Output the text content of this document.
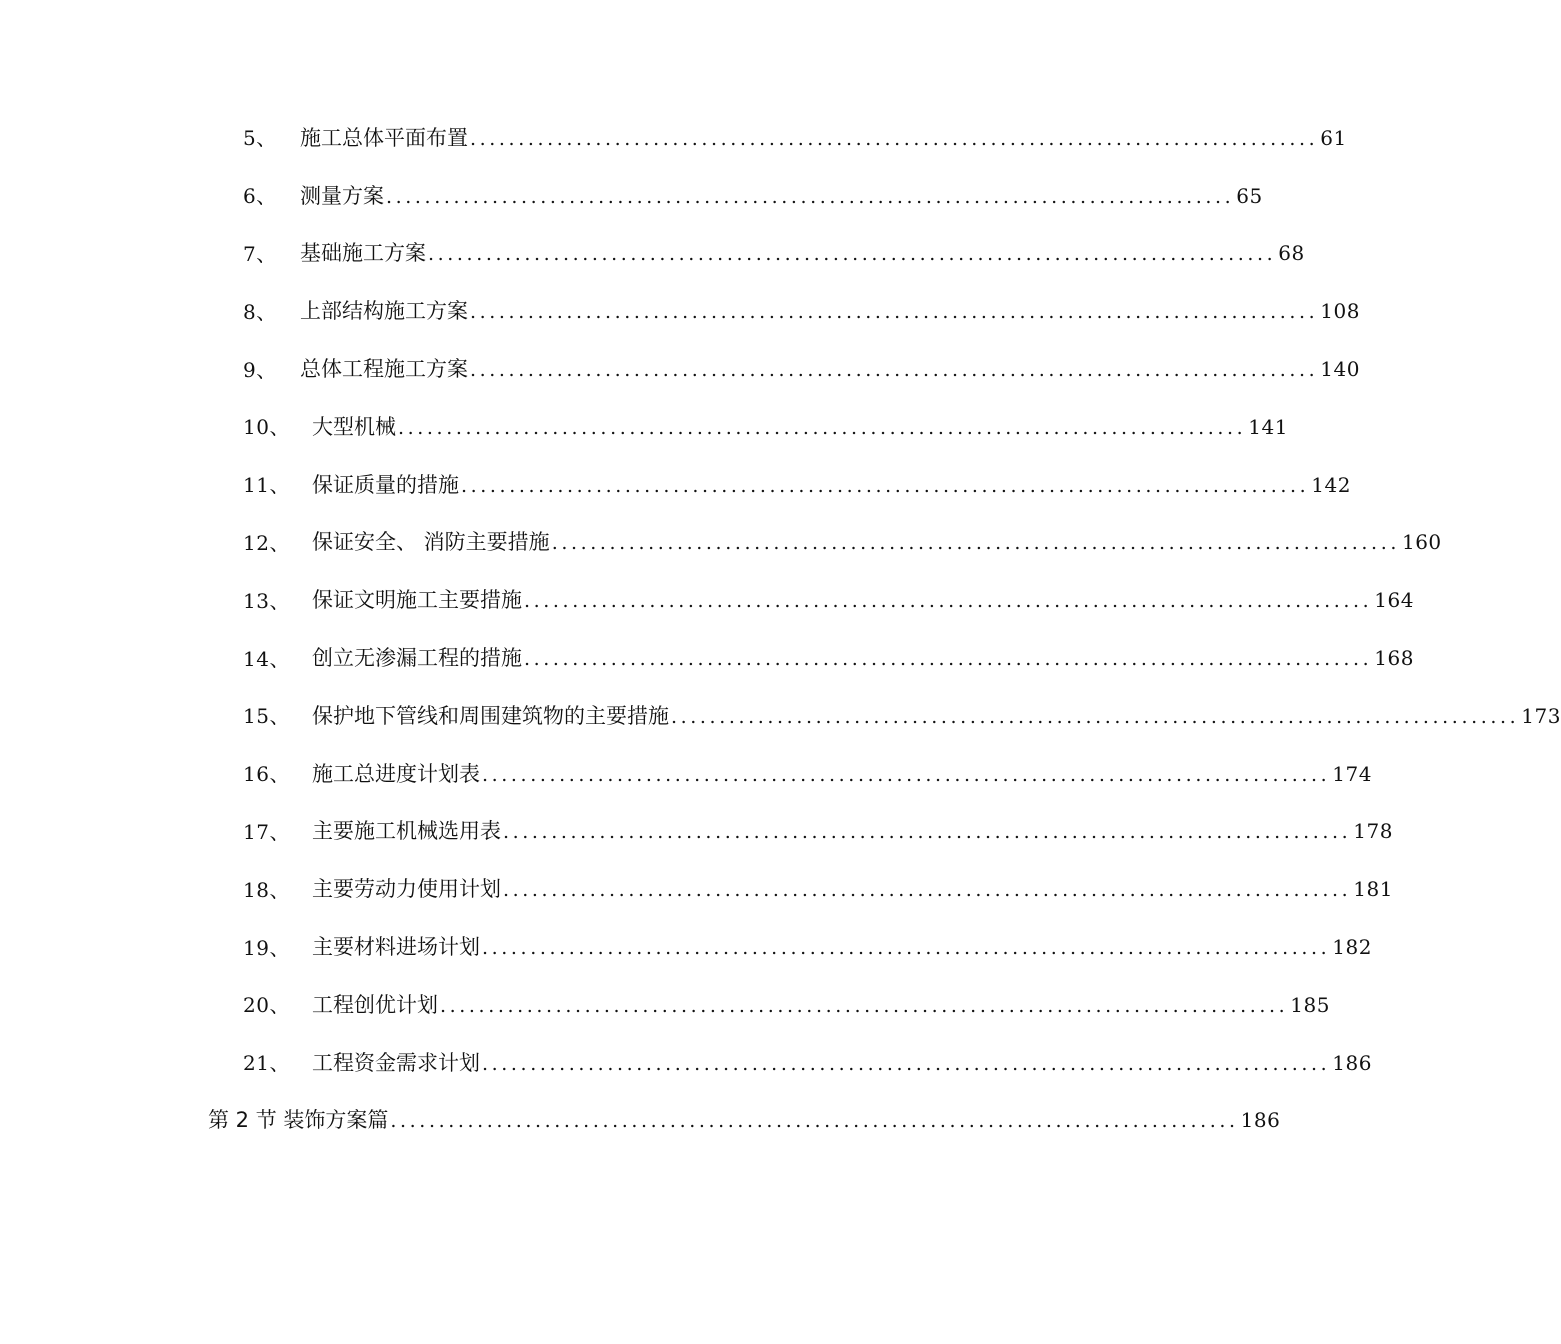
5、 施工总体平面布置 ........................................................................................ 61
6、 测量方案 ........................................................................................ 65
7、 基础施工方案 ........................................................................................ 68
8、 上部结构施工方案 ........................................................................................ 108
9、 总体工程施工方案 ........................................................................................ 140
10、 大型机械 ........................................................................................ 141
11、 保证质量的措施 ........................................................................................ 142
12、 保证安全、 消防主要措施 ........................................................................................ 160
13、 保证文明施工主要措施 ........................................................................................ 164
14、 创立无渗漏工程的措施 ........................................................................................ 168
15、 保护地下管线和周围建筑物的主要措施 ........................................................................................ 173
16、 施工总进度计划表 ........................................................................................ 174
17、 主要施工机械选用表 ........................................................................................ 178
18、 主要劳动力使用计划 ........................................................................................ 181
19、 主要材料进场计划 ........................................................................................ 182
20、 工程创优计划 ........................................................................................ 185
21、 工程资金需求计划 ........................................................................................ 186
第 2 节 装饰方案篇 ........................................................................................ 186
